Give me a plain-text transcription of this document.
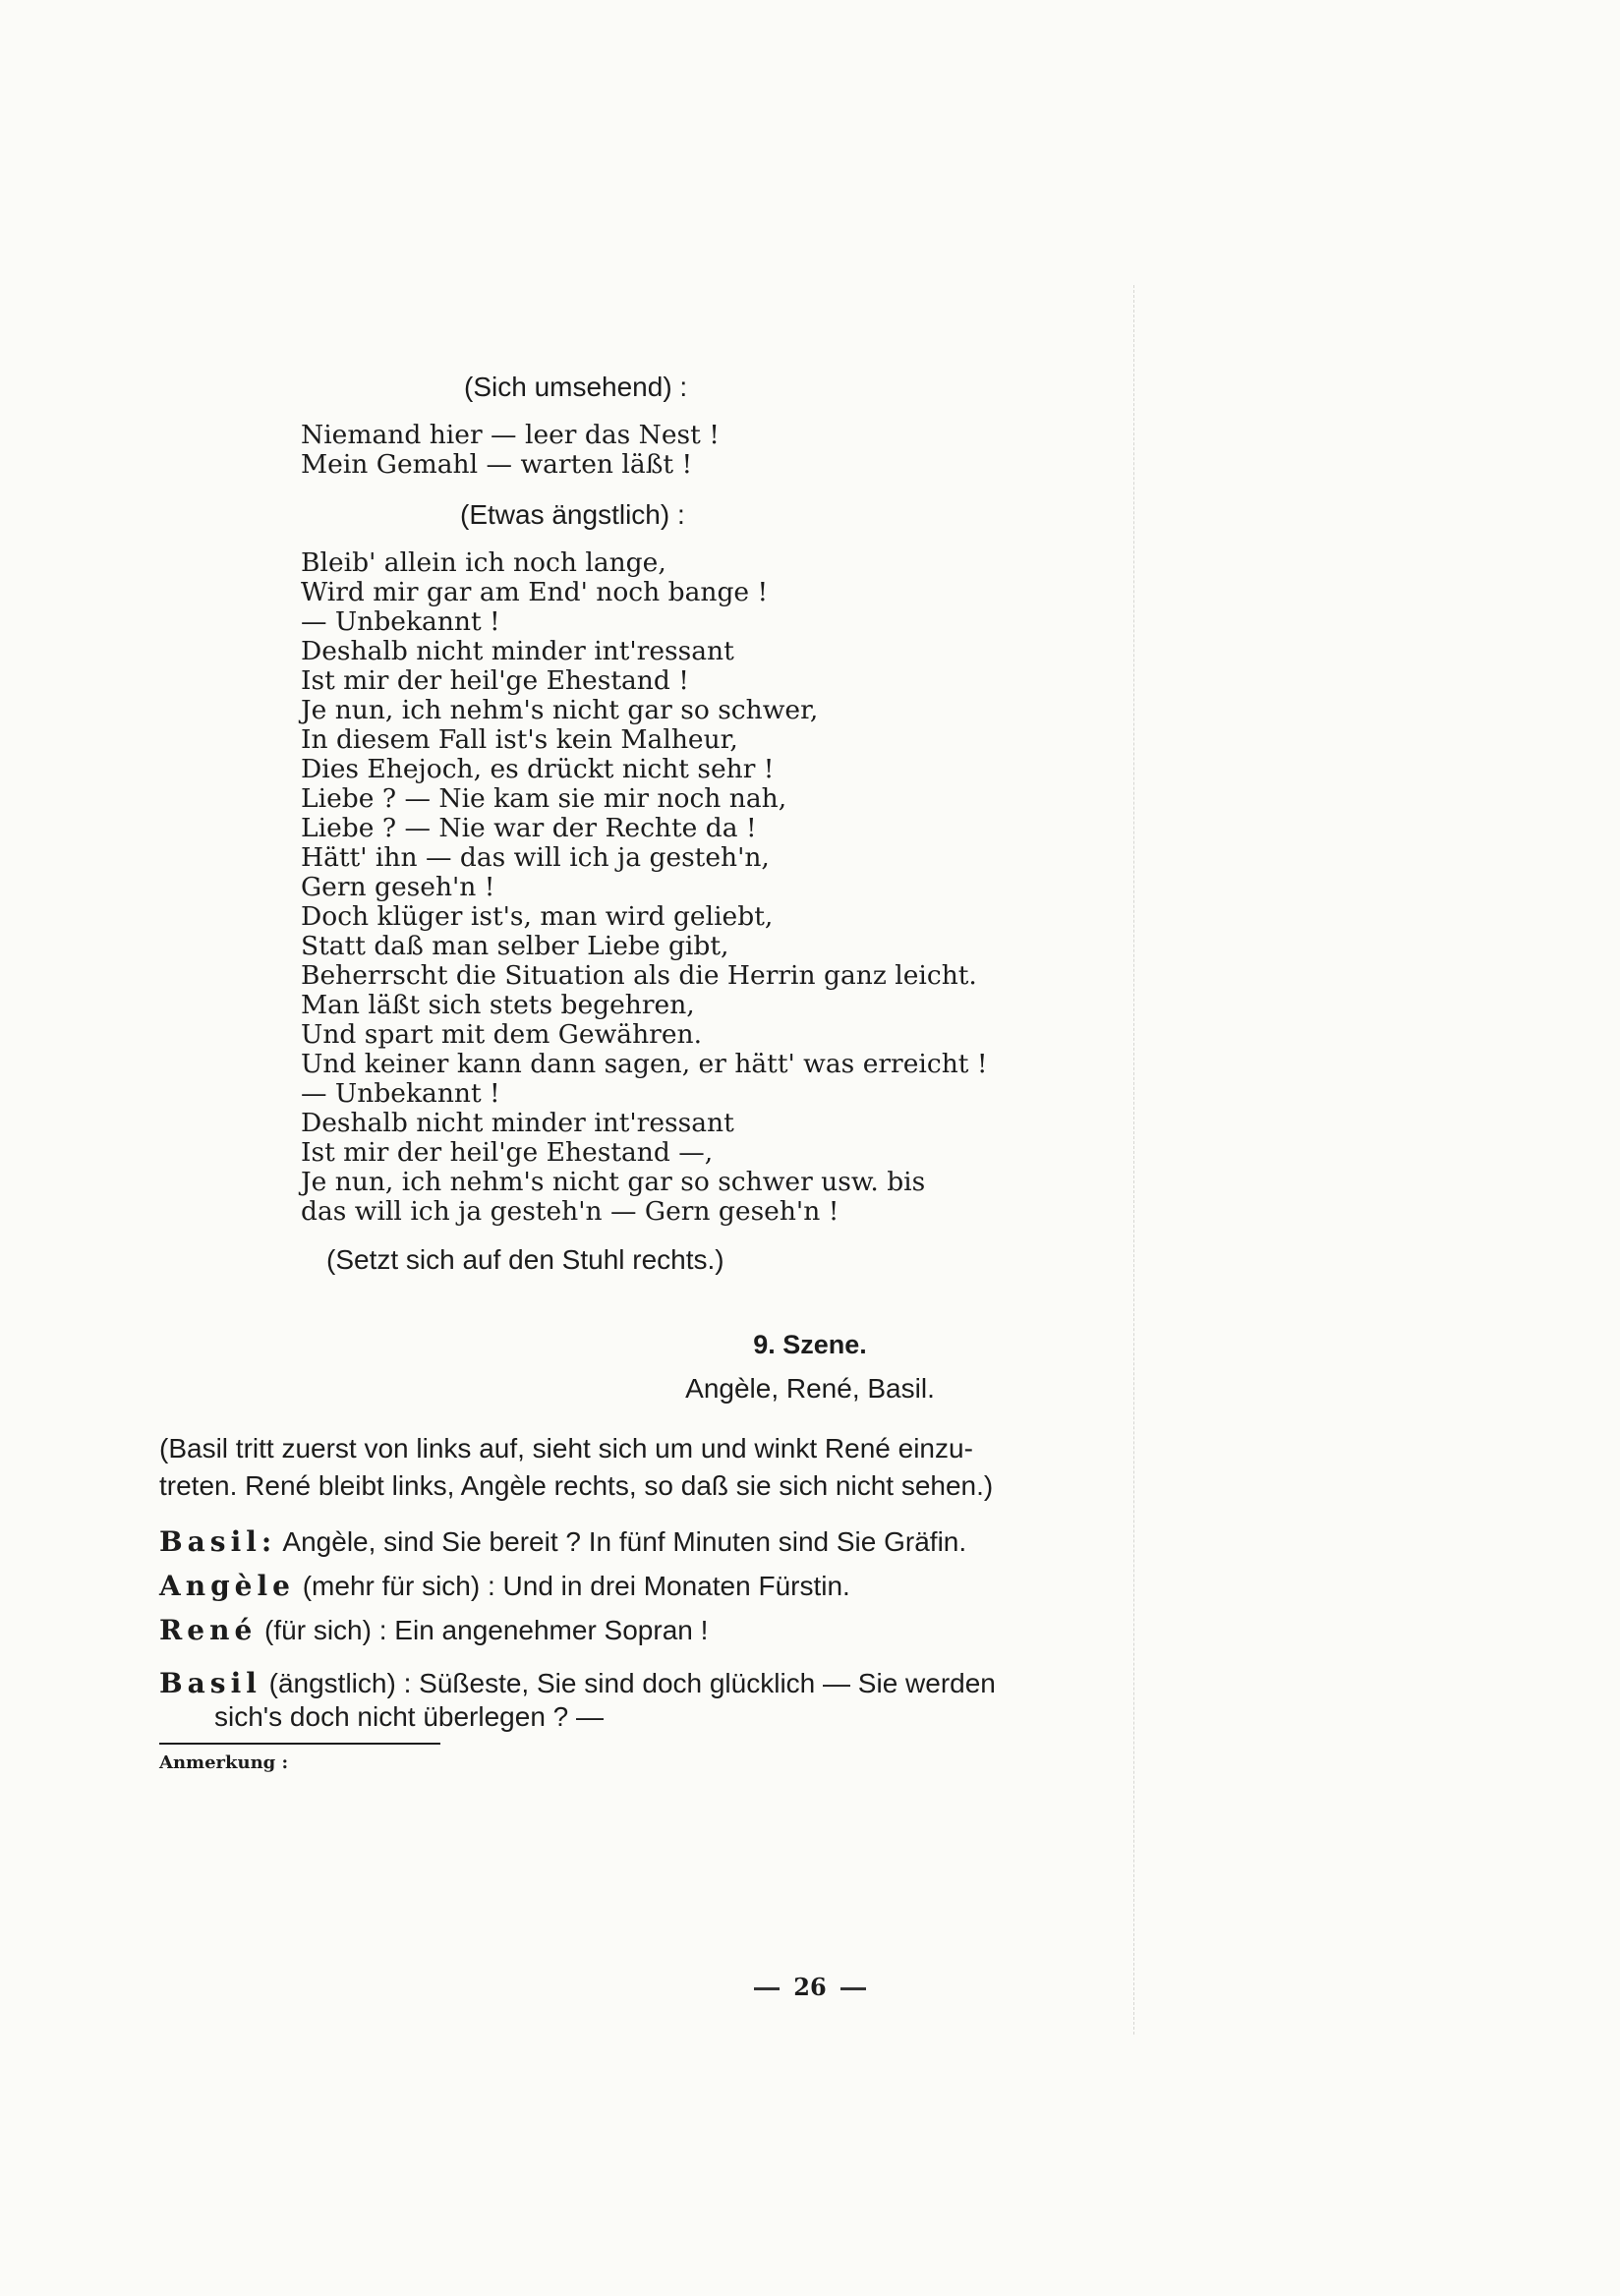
(Sich umsehend) :
Niemand hier — leer das Nest !
Mein Gemahl — warten läßt !
(Etwas ängstlich) :
Bleib' allein ich noch lange,
Wird mir gar am End' noch bange !
— Unbekannt !
Deshalb nicht minder int'ressant
Ist mir der heil'ge Ehestand !
Je nun, ich nehm's nicht gar so schwer,
In diesem Fall ist's kein Malheur,
Dies Ehejoch, es drückt nicht sehr !
Liebe ? — Nie kam sie mir noch nah,
Liebe ? — Nie war der Rechte da !
Hätt' ihn — das will ich ja gesteh'n,
Gern geseh'n !
Doch klüger ist's, man wird geliebt,
Statt daß man selber Liebe gibt,
Beherrscht die Situation als die Herrin ganz leicht.
Man läßt sich stets begehren,
Und spart mit dem Gewähren.
Und keiner kann dann sagen, er hätt' was erreicht !
— Unbekannt !
Deshalb nicht minder int'ressant
Ist mir der heil'ge Ehestand —,
Je nun, ich nehm's nicht gar so schwer usw. bis
das will ich ja gesteh'n — Gern geseh'n !
(Setzt sich auf den Stuhl rechts.)
9. Szene.
Angèle, René, Basil.
(Basil tritt zuerst von links auf, sieht sich um und winkt René einzu-
treten. René bleibt links, Angèle rechts, so daß sie sich nicht sehen.)
Basil: Angèle, sind Sie bereit ? In fünf Minuten sind Sie Gräfin.
Angèle (mehr für sich) : Und in drei Monaten Fürstin.
René (für sich) : Ein angenehmer Sopran !
Basil (ängstlich) : Süßeste, Sie sind doch glücklich — Sie werden
sich's doch nicht überlegen ? —
Anmerkung :
26
